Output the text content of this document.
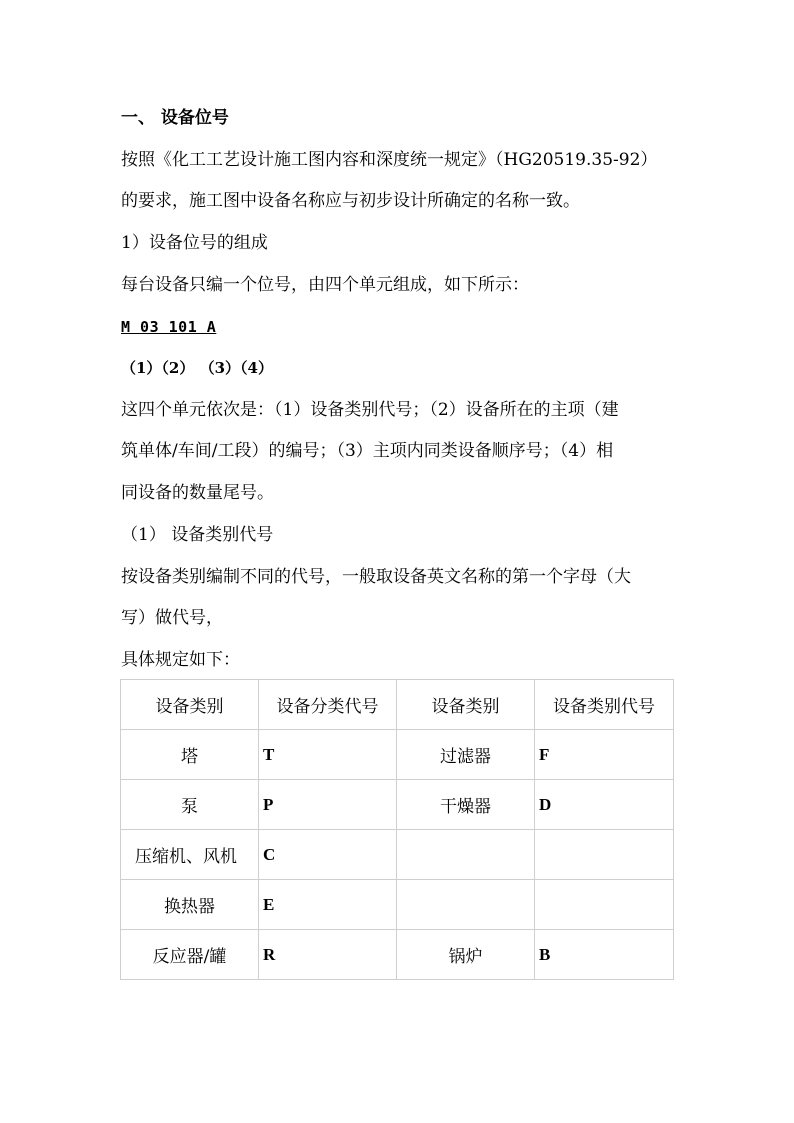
一、 设备位号
按照《化工工艺设计施工图内容和深度统一规定》（HG20519.35-92）
的要求，施工图中设备名称应与初步设计所确定的名称一致。
1）设备位号的组成
每台设备只编一个位号，由四个单元组成，如下所示：
M 03 101 A
（1）（2） （3）（4）
这四个单元依次是：（1）设备类别代号；（2）设备所在的主项（建
筑单体/车间/工段）的编号；（3）主项内同类设备顺序号；（4）相
同设备的数量尾号。
（1） 设备类别代号
按设备类别编制不同的代号，一般取设备英文名称的第一个字母（大
写）做代号，
具体规定如下：
设备类别	设备分类代号	设备类别	设备类别代号
塔	T	过滤器	F
泵	P	干燥器	D
压缩机、风机	C		
换热器	E		
反应器/罐	R	锅炉	B
